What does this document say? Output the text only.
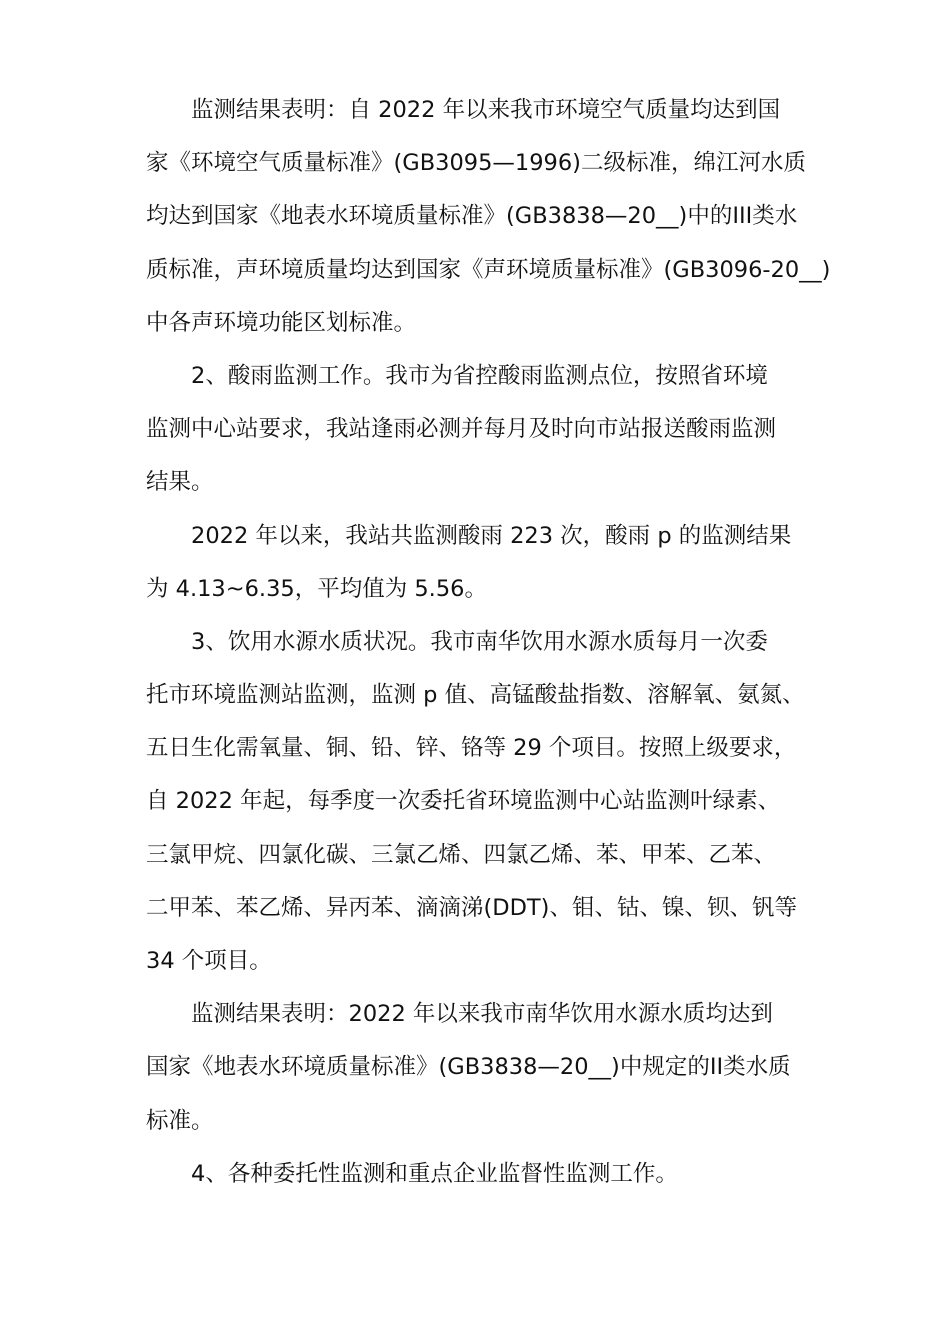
监测结果表明：自 2022 年以来我市环境空气质量均达到国
家《环境空气质量标准》(GB3095—1996)二级标准，绵江河水质
均达到国家《地表水环境质量标准》(GB3838—20__)中的III类水
质标准，声环境质量均达到国家《声环境质量标准》(GB3096-20__)
中各声环境功能区划标准。

2、酸雨监测工作。我市为省控酸雨监测点位，按照省环境
监测中心站要求，我站逢雨必测并每月及时向市站报送酸雨监测
结果。

2022 年以来，我站共监测酸雨 223 次，酸雨 p 的监测结果
为 4.13~6.35，平均值为 5.56。

3、饮用水源水质状况。我市南华饮用水源水质每月一次委
托市环境监测站监测，监测 p 值、高锰酸盐指数、溶解氧、氨氮、
五日生化需氧量、铜、铅、锌、铬等 29 个项目。按照上级要求，
自 2022 年起，每季度一次委托省环境监测中心站监测叶绿素、
三氯甲烷、四氯化碳、三氯乙烯、四氯乙烯、苯、甲苯、乙苯、
二甲苯、苯乙烯、异丙苯、滴滴涕(DDT)、钼、钴、镍、钡、钒等
34 个项目。

监测结果表明：2022 年以来我市南华饮用水源水质均达到
国家《地表水环境质量标准》(GB3838—20__)中规定的II类水质
标准。

4、各种委托性监测和重点企业监督性监测工作。
